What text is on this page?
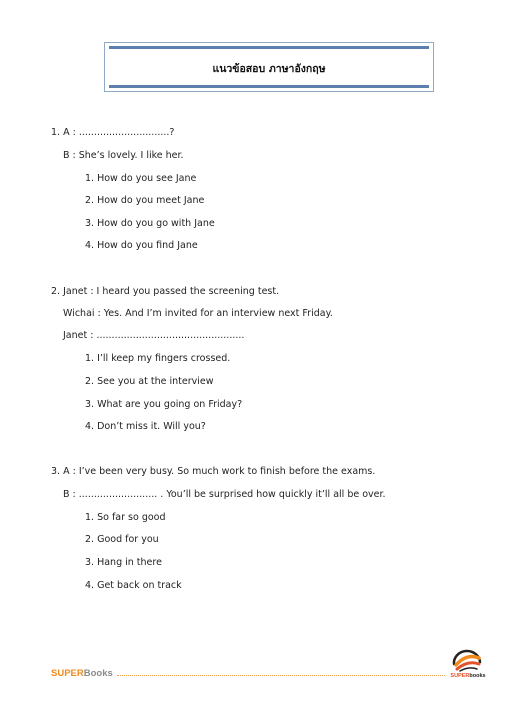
แนวข้อสอบ ภาษาอังกฤษ
1. A : ..............................?
B : She’s lovely. I like her.
1. How do you see Jane
2. How do you meet Jane
3. How do you go with Jane
4. How do you find Jane
2. Janet : I heard you passed the screening test.
Wichai : Yes. And I’m invited for an interview next Friday.
Janet : .................................................
1. I’ll keep my fingers crossed.
2. See you at the interview
3. What are you going on Friday?
4. Don’t miss it. Will you?
3. A : I’ve been very busy. So much work to finish before the exams.
B : .......................... . You’ll be surprised how quickly it’ll all be over.
1. So far so good
2. Good for you
3. Hang in there
4. Get back on track
SUPERBooks	SUPERbooks
